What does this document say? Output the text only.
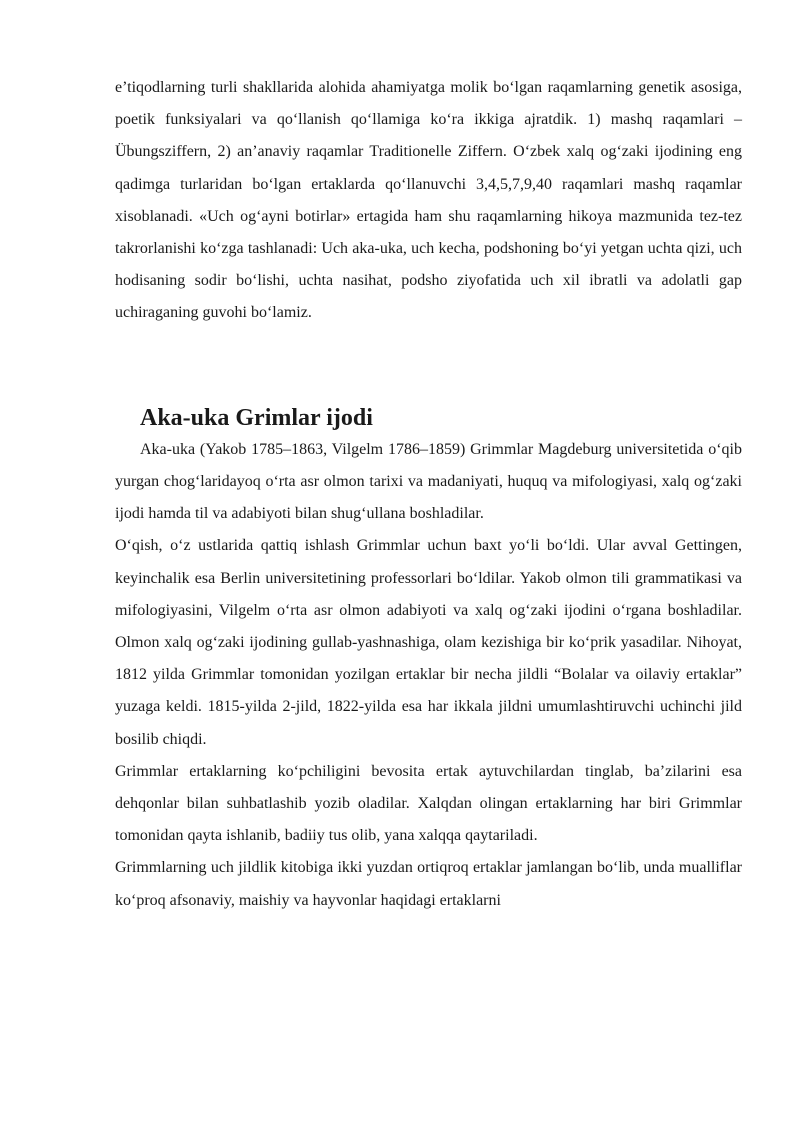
e’tiqodlarning turli shakllarida alohida ahamiyatga molik bo‘lgan raqamlarning genetik asosiga, poetik funksiyalari va qo‘llanish qo‘llamiga ko‘ra ikkiga ajratdik. 1) mashq raqamlari –Übungsziffern, 2) an’anaviy raqamlar Traditionelle Ziffern. O‘zbek xalq og‘zaki ijodining eng qadimga turlaridan bo‘lgan ertaklarda qo‘llanuvchi 3,4,5,7,9,40 raqamlari mashq raqamlar xisoblanadi. «Uch og‘ayni botirlar» ertagida ham shu raqamlarning hikoya mazmunida tez-tez takrorlanishi ko‘zga tashlanadi: Uch aka-uka, uch kecha, podshoning bo‘yi yetgan uchta qizi, uch hodisaning sodir bo‘lishi, uchta nasihat, podsho ziyofatida uch xil ibratli va adolatli gap uchiraganing guvohi bo‘lamiz.

Aka-uka Grimlar ijodi

Aka-uka (Yakob 1785–1863, Vilgelm 1786–1859) Grimmlar Magdeburg universitetida o‘qib yurgan chog‘laridayoq o‘rta asr olmon tarixi va madaniyati, huquq va mifologiyasi, xalq og‘zaki ijodi hamda til va adabiyoti bilan shug‘ullana boshladilar.

O‘qish, o‘z ustlarida qattiq ishlash Grimmlar uchun baxt yo‘li bo‘ldi. Ular avval Gettingen, keyinchalik esa Berlin universitetining professorlari bo‘ldilar. Yakob olmon tili grammatikasi va mifologiyasini, Vilgelm o‘rta asr olmon adabiyoti va xalq og‘zaki ijodini o‘rgana boshladilar. Olmon xalq og‘zaki ijodining gullab-yashnashiga, olam kezishiga bir ko‘prik yasadilar. Nihoyat, 1812 yilda Grimmlar tomonidan yozilgan ertaklar bir necha jildli “Bolalar va oilaviy ertaklar” yuzaga keldi. 1815-yilda 2-jild, 1822-yilda esa har ikkala jildni umumlashtiruvchi uchinchi jild bosilib chiqdi.

Grimmlar ertaklarning ko‘pchiligini bevosita ertak aytuvchilardan tinglab, ba’zilarini esa dehqonlar bilan suhbatlashib yozib oladilar. Xalqdan olingan ertaklarning har biri Grimmlar tomonidan qayta ishlanib, badiiy tus olib, yana xalqqa qaytariladi.

Grimmlarning uch jildlik kitobiga ikki yuzdan ortiqroq ertaklar jamlangan bo‘lib, unda mualliflar ko‘proq afsonaviy, maishiy va hayvonlar haqidagi ertaklarni
